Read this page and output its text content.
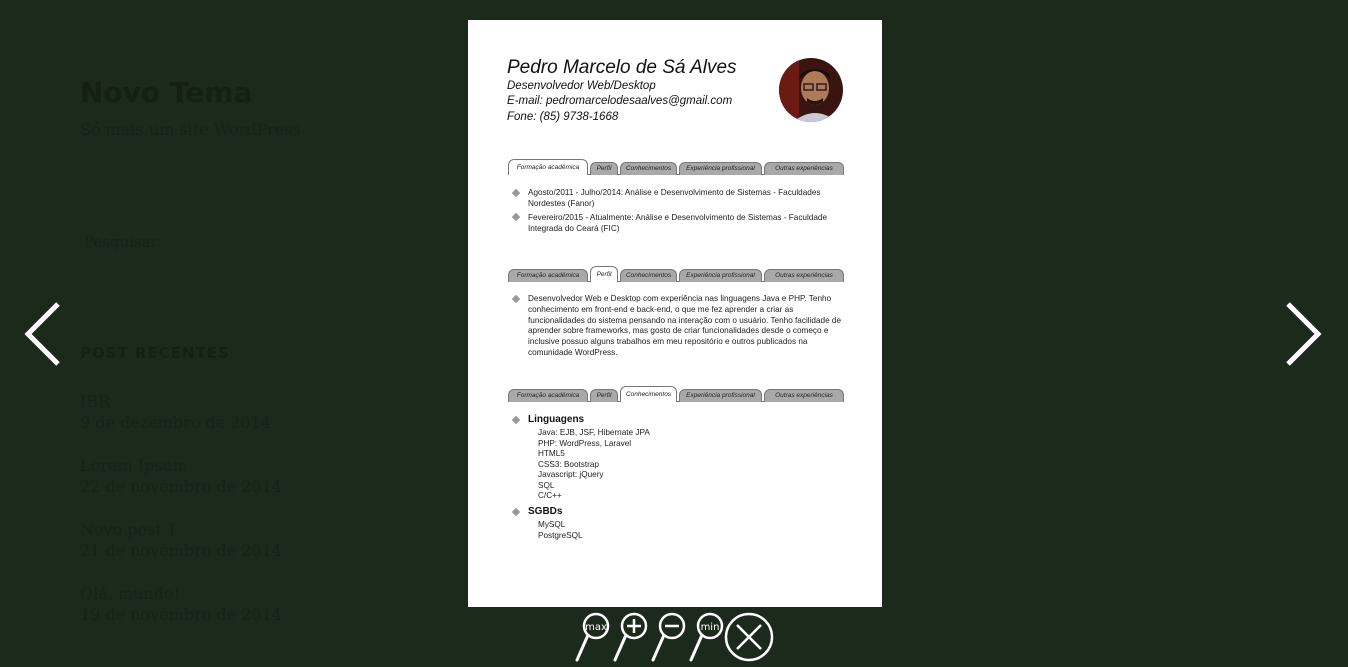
Novo Tema
Só mais um site WordPress
Pesquisar
POST RECENTES
IBR
9 de dezembro de 2014
Lorem Ipsum
22 de novembro de 2014
Novo post 1
21 de novembro de 2014
Olá, mundo!
19 de novembro de 2014
Pedro Marcelo de Sá Alves
Desenvolvedor Web/Desktop
E-mail: pedromarcelodesaalves@gmail.com
Fone: (85) 9738-1668
Formação acadêmica	Perfil	Conhecimentos	Experiência profissional	Outras experiências
Agosto/2011 - Julho/2014: Análise e Desenvolvimento de Sistemas - Faculdades Nordestes (Fanor)
Fevereiro/2015 - Atualmente: Análise e Desenvolvimento de Sistemas - Faculdade Integrada do Ceará (FIC)
Formação acadêmica	Perfil	Conhecimentos	Experiência profissional	Outras experiências
Desenvolvedor Web e Desktop com experiência nas linguagens Java e PHP. Tenho conhecimento em front-end e back-end, o que me fez aprender a criar as funcionalidades do sistema pensando na interação com o usuário. Tenho facilidade de aprender sobre frameworks, mas gosto de criar funcionalidades desde o começo e inclusive possuo alguns trabalhos em meu repositório e outros publicados na comunidade WordPress.
Formação acadêmica	Perfil	Conhecimentos	Experiência profissional	Outras experiências
Linguagens
Java: EJB, JSF, Hibernate JPA
PHP: WordPress, Laravel
HTML5
CSS3: Bootstrap
Javascript: jQuery
SQL
C/C++
SGBDs
MySQL
PostgreSQL
max	min
